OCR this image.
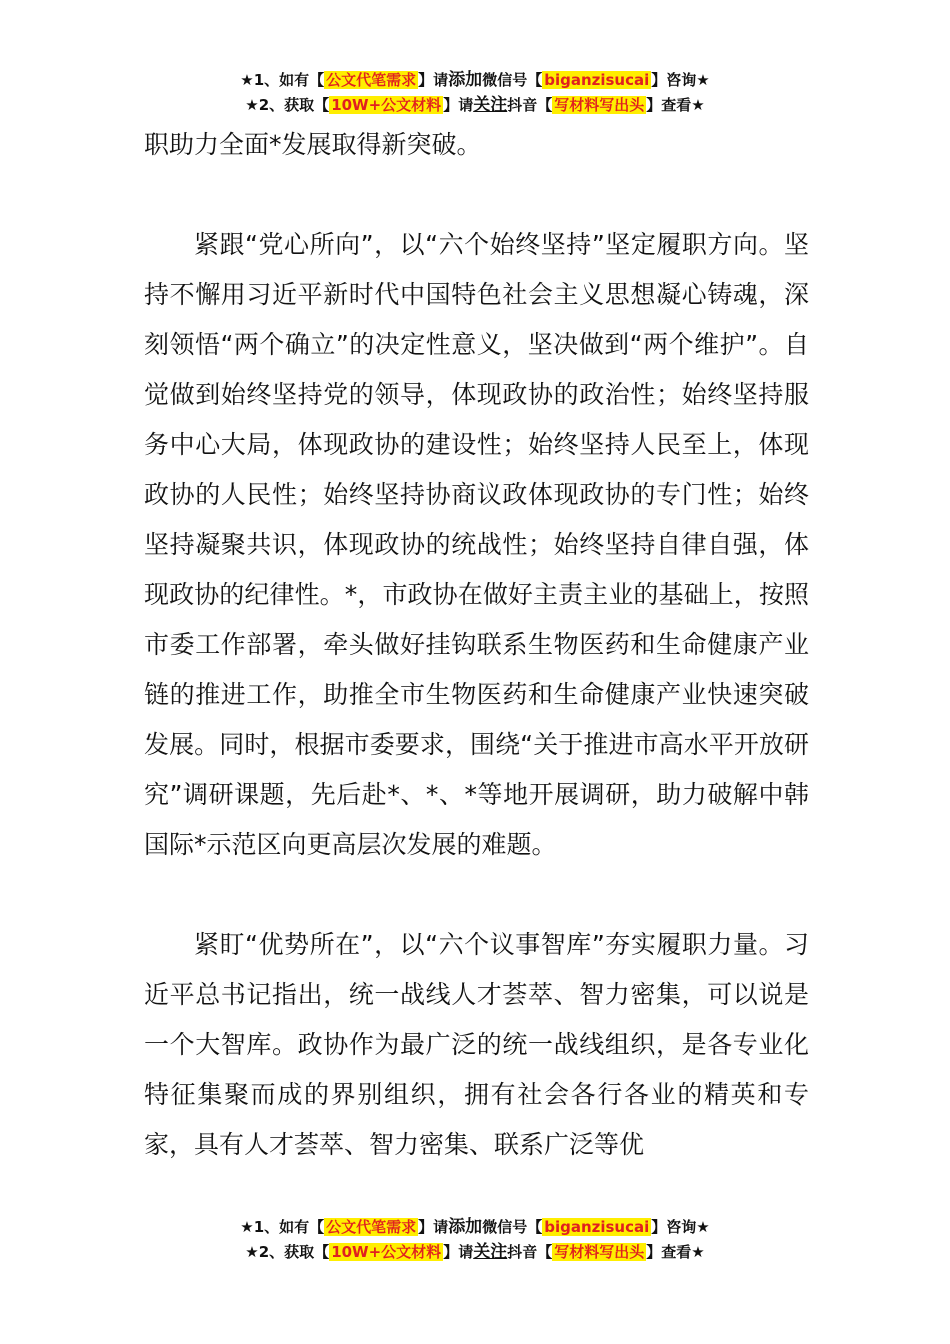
★1、如有【 公文代笔需求 】请添加微信号【 biganzisucai 】咨询★
★2、获取【 10W+公文材料 】请关注抖音【 写材料写出头 】查看★

职助力全面*发展取得新突破。

紧跟“党心所向”，以“六个始终坚持”坚定履职方向。坚持不懈用习近平新时代中国特色社会主义思想凝心铸魂，深刻领悟“两个确立”的决定性意义，坚决做到“两个维护”。自觉做到始终坚持党的领导，体现政协的政治性；始终坚持服务中心大局，体现政协的建设性；始终坚持人民至上，体现政协的人民性；始终坚持协商议政体现政协的专门性；始终坚持凝聚共识，体现政协的统战性；始终坚持自律自强，体现政协的纪律性。*，市政协在做好主责主业的基础上，按照市委工作部署，牵头做好挂钩联系生物医药和生命健康产业链的推进工作，助推全市生物医药和生命健康产业快速突破发展。同时，根据市委要求，围绕“关于推进市高水平开放研究”调研课题，先后赴*、*、*等地开展调研，助力破解中韩国际*示范区向更高层次发展的难题。

紧盯“优势所在”，以“六个议事智库”夯实履职力量。习近平总书记指出，统一战线人才荟萃、智力密集，可以说是一个大智库。政协作为最广泛的统一战线组织，是各专业化特征集聚而成的界别组织，拥有社会各行各业的精英和专家，具有人才荟萃、智力密集、联系广泛等优

★1、如有【 公文代笔需求 】请添加微信号【 biganzisucai 】咨询★
★2、获取【 10W+公文材料 】请关注抖音【 写材料写出头 】查看★
